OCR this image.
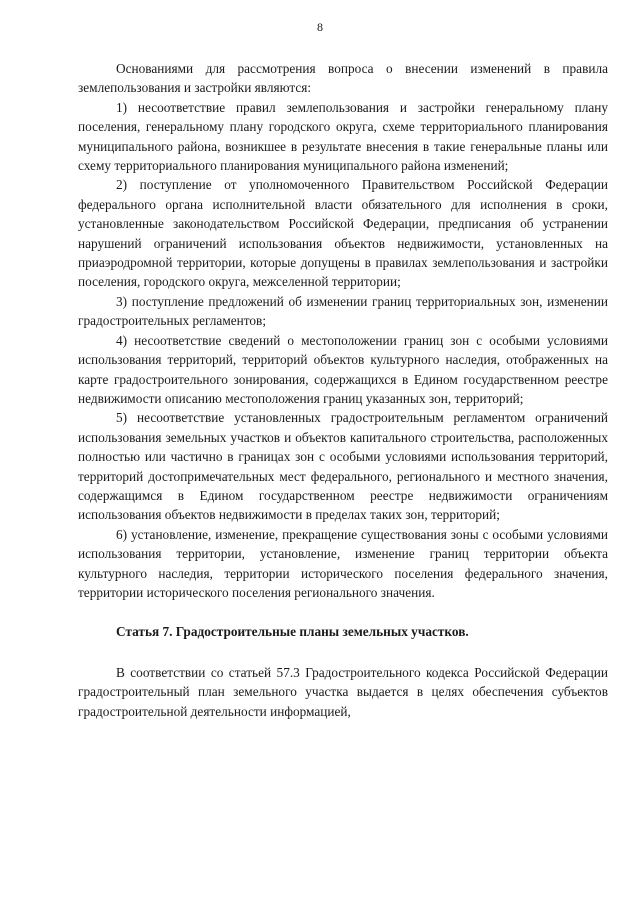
8

Основаниями для рассмотрения вопроса о внесении изменений в правила землепользования и застройки являются:

1) несоответствие правил землепользования и застройки генеральному плану поселения, генеральному плану городского округа, схеме территориального планирования муниципального района, возникшее в результате внесения в такие генеральные планы или схему территориального планирования муниципального района изменений;

2) поступление от уполномоченного Правительством Российской Федерации федерального органа исполнительной власти обязательного для исполнения в сроки, установленные законодательством Российской Федерации, предписания об устранении нарушений ограничений использования объектов недвижимости, установленных на приаэродромной территории, которые допущены в правилах землепользования и застройки поселения, городского округа, межселенной территории;

3) поступление предложений об изменении границ территориальных зон, изменении градостроительных регламентов;

4) несоответствие сведений о местоположении границ зон с особыми условиями использования территорий, территорий объектов культурного наследия, отображенных на карте градостроительного зонирования, содержащихся в Едином государственном реестре недвижимости описанию местоположения границ указанных зон, территорий;

5) несоответствие установленных градостроительным регламентом ограничений использования земельных участков и объектов капитального строительства, расположенных полностью или частично в границах зон с особыми условиями использования территорий, территорий достопримечательных мест федерального, регионального и местного значения, содержащимся в Едином государственном реестре недвижимости ограничениям использования объектов недвижимости в пределах таких зон, территорий;

6) установление, изменение, прекращение существования зоны с особыми условиями использования территории, установление, изменение границ территории объекта культурного наследия, территории исторического поселения федерального значения, территории исторического поселения регионального значения.

Статья 7. Градостроительные планы земельных участков.

В соответствии со статьей 57.3 Градостроительного кодекса Российской Федерации градостроительный план земельного участка выдается в целях обеспечения субъектов градостроительной деятельности информацией,
